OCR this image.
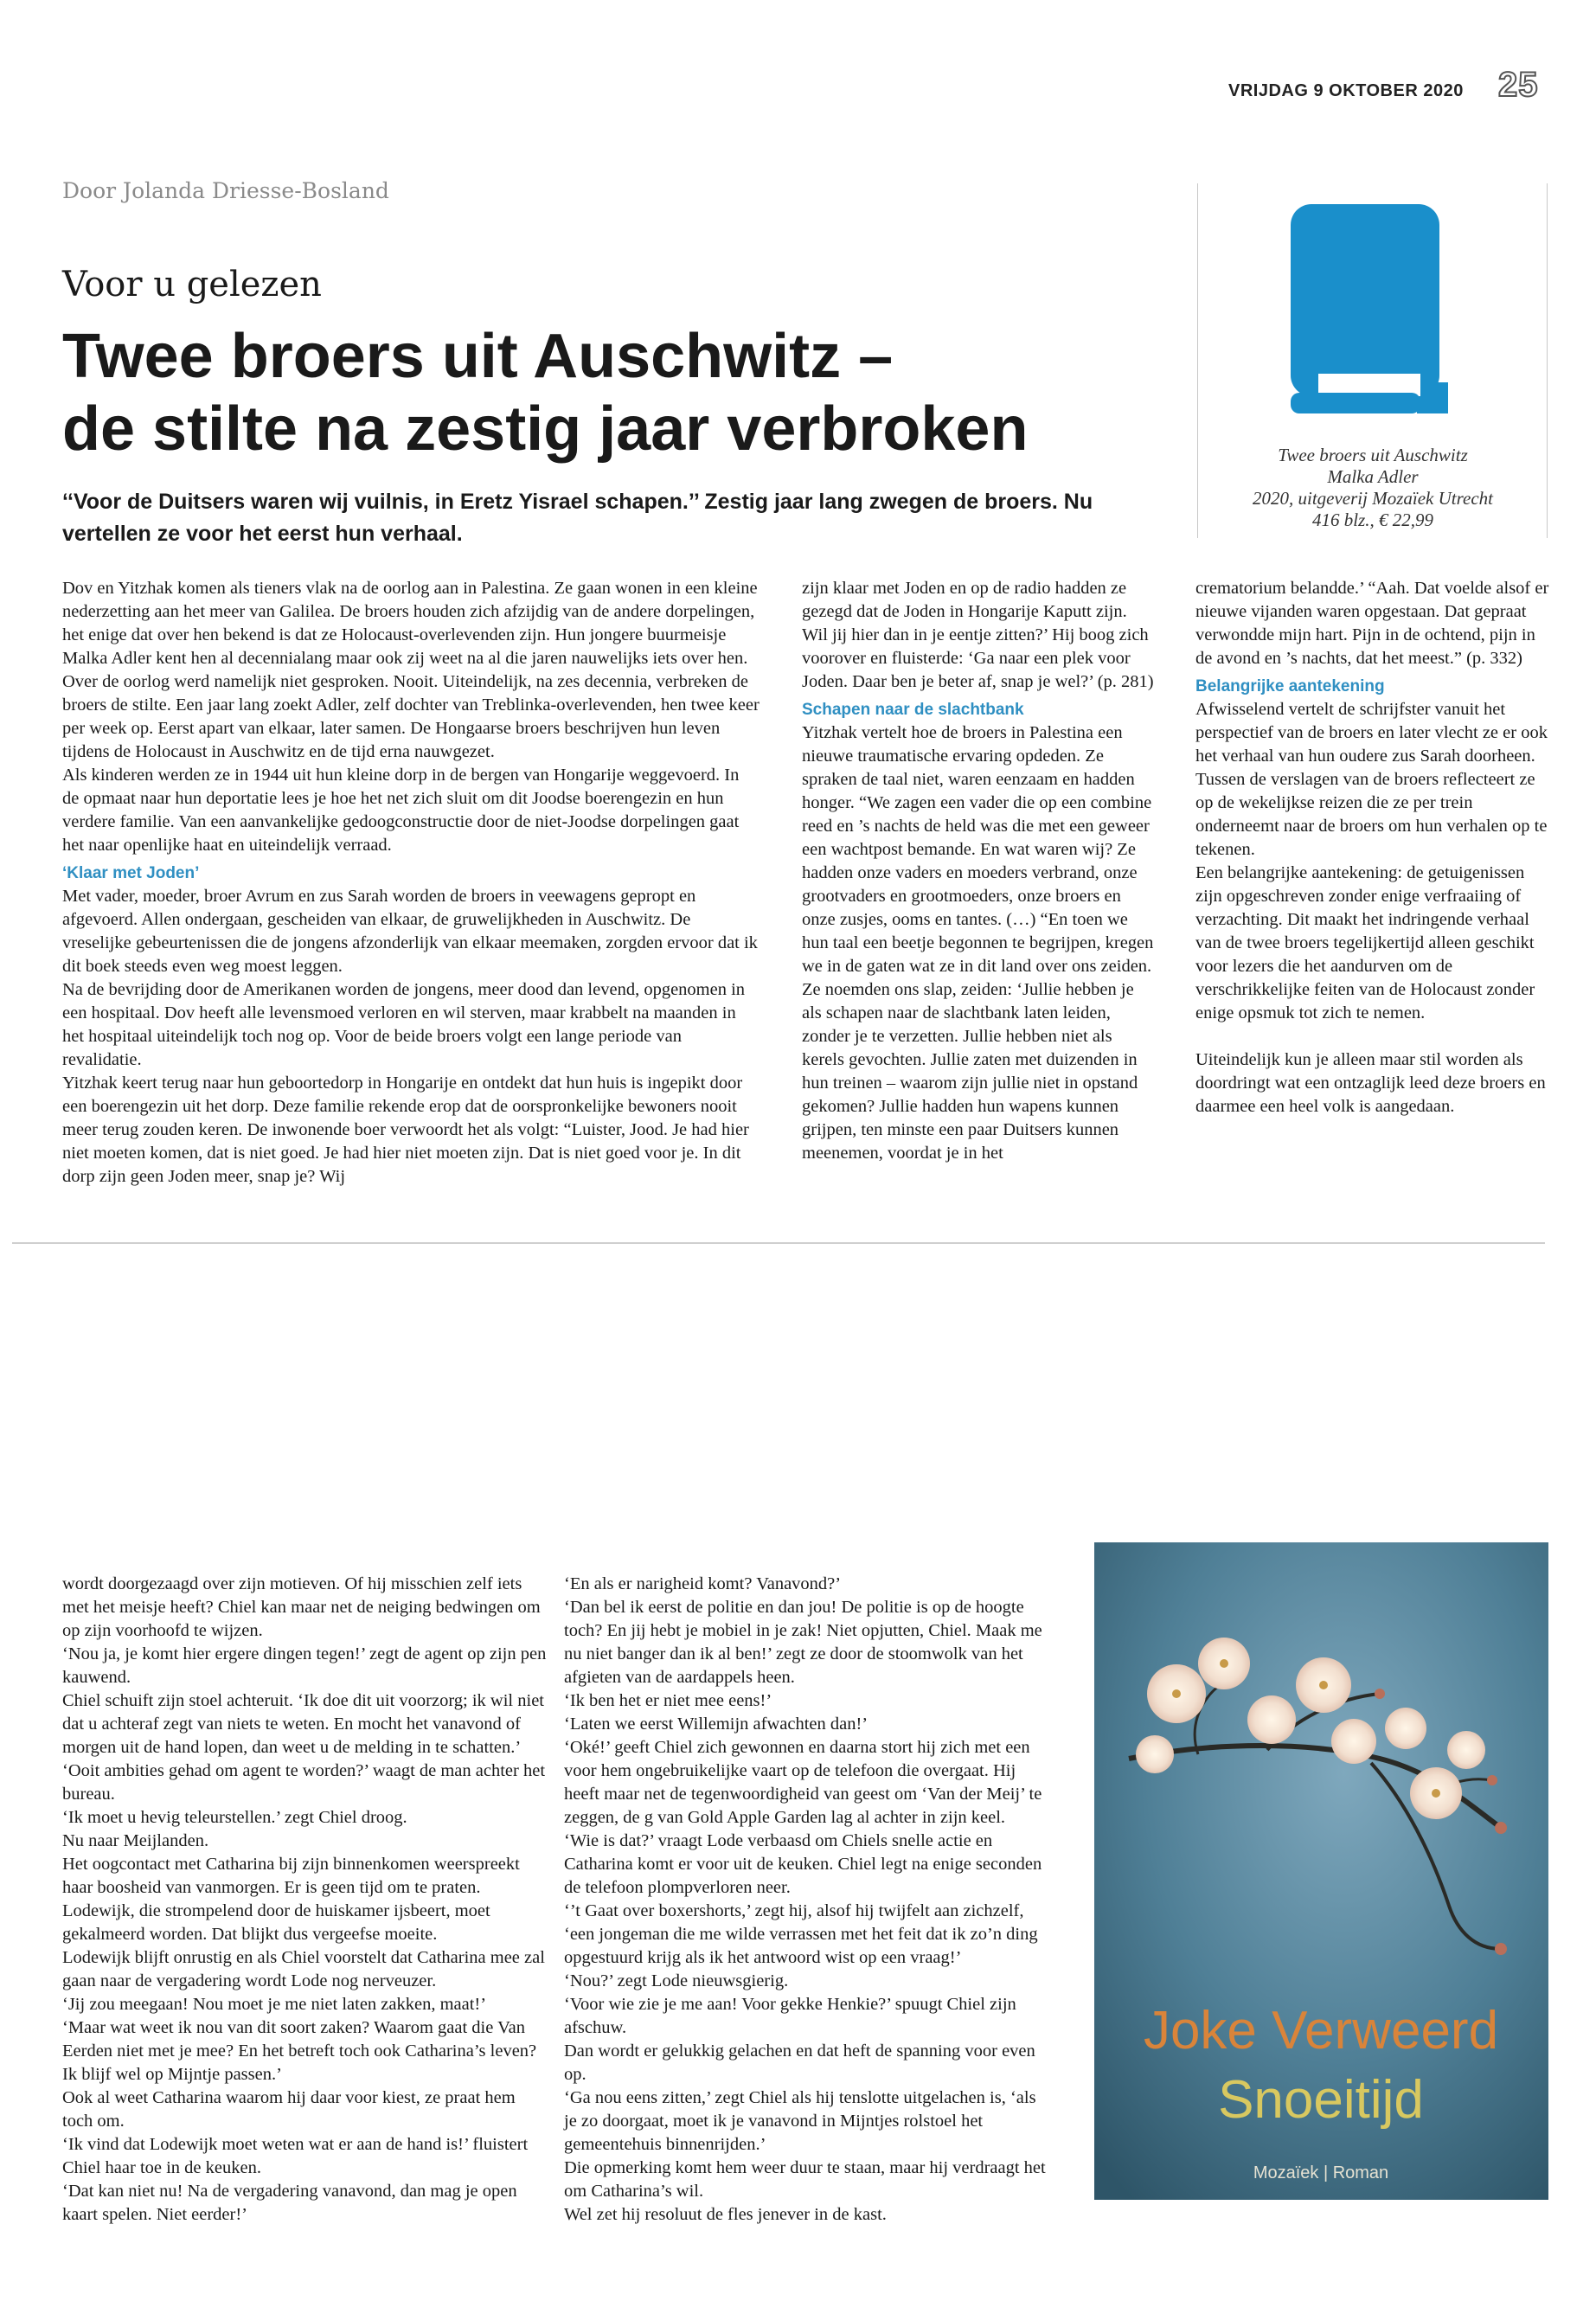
VRIJDAG 9 OKTOBER 2020 25
Door Jolanda Driesse-Bosland
Voor u gelezen
Twee broers uit Auschwitz –
de stilte na zestig jaar verbroken
‘‘Voor de Duitsers waren wij vuilnis, in Eretz Yisrael schapen.’’ Zestig jaar lang zwegen de broers. Nu vertellen ze voor het eerst hun verhaal.
Twee broers uit Auschwitz
Malka Adler
2020, uitgeverij Mozaïek Utrecht
416 blz., € 22,99

Dov en Yitzhak komen als tieners vlak na de oorlog aan in Palestina. Ze gaan wonen in een kleine nederzetting aan het meer van Galilea. De broers houden zich afzijdig van de andere dorpelingen, het enige dat over hen bekend is dat ze Holocaust-overlevenden zijn. Hun jongere buurmeisje Malka Adler kent hen al decennialang maar ook zij weet na al die jaren nauwelijks iets over hen. Over de oorlog werd namelijk niet gesproken. Nooit. Uiteindelijk, na zes decennia, verbreken de broers de stilte. Een jaar lang zoekt Adler, zelf dochter van Treblinka-overlevenden, hen twee keer per week op. Eerst apart van elkaar, later samen. De Hongaarse broers beschrijven hun leven tijdens de Holocaust in Auschwitz en de tijd erna nauwgezet.

Als kinderen werden ze in 1944 uit hun kleine dorp in de bergen van Hongarije weggevoerd. In de opmaat naar hun deportatie lees je hoe het net zich sluit om dit Joodse boerengezin en hun verdere familie. Van een aanvankelijke gedoogconstructie door de niet-Joodse dorpelingen gaat het naar openlijke haat en uiteindelijk verraad.

‘Klaar met Joden’

Met vader, moeder, broer Avrum en zus Sarah worden de broers in veewagens gepropt en afgevoerd. Allen ondergaan, gescheiden van elkaar, de gruwelijkheden in Auschwitz. De vreselijke gebeurtenissen die de jongens afzonderlijk van elkaar meemaken, zorgden ervoor dat ik dit boek steeds even weg moest leggen.

Na de bevrijding door de Amerikanen worden de jongens, meer dood dan levend, opgenomen in een hospitaal. Dov heeft alle levensmoed verloren en wil sterven, maar krabbelt na maanden in het hospitaal uiteindelijk toch nog op. Voor de beide broers volgt een lange periode van revalidatie.

Yitzhak keert terug naar hun geboortedorp in Hongarije en ontdekt dat hun huis is ingepikt door een boerengezin uit het dorp. Deze familie rekende erop dat de oorspronkelijke bewoners nooit meer terug zouden keren. De inwonende boer verwoordt het als volgt: “Luister, Jood. Je had hier niet moeten komen, dat is niet goed. Je had hier niet moeten zijn. Dat is niet goed voor je. In dit dorp zijn geen Joden meer, snap je? Wij

zijn klaar met Joden en op de radio hadden ze gezegd dat de Joden in Hongarije Kaputt zijn. Wil jij hier dan in je eentje zitten?’ Hij boog zich voorover en fluisterde: ‘Ga naar een plek voor Joden. Daar ben je beter af, snap je wel?’ (p. 281)

Schapen naar de slachtbank

Yitzhak vertelt hoe de broers in Palestina een nieuwe traumatische ervaring opdeden. Ze spraken de taal niet, waren eenzaam en hadden honger. “We zagen een vader die op een combine reed en ’s nachts de held was die met een geweer een wachtpost bemande. En wat waren wij? Ze hadden onze vaders en moeders verbrand, onze grootvaders en grootmoeders, onze broers en onze zusjes, ooms en tantes. (…) “En toen we hun taal een beetje begonnen te begrijpen, kregen we in de gaten wat ze in dit land over ons zeiden. Ze noemden ons slap, zeiden: ‘Jullie hebben je als schapen naar de slachtbank laten leiden, zonder je te verzetten. Jullie hebben niet als kerels gevochten. Jullie zaten met duizenden in hun treinen – waarom zijn jullie niet in opstand gekomen? Jullie hadden hun wapens kunnen grijpen, ten minste een paar Duitsers kunnen meenemen, voordat je in het

crematorium belandde.’ “Aah. Dat voelde alsof er nieuwe vijanden waren opgestaan. Dat gepraat verwondde mijn hart. Pijn in de ochtend, pijn in de avond en ’s nachts, dat het meest.” (p. 332)

Belangrijke aantekening

Afwisselend vertelt de schrijfster vanuit het perspectief van de broers en later vlecht ze er ook het verhaal van hun oudere zus Sarah doorheen. Tussen de verslagen van de broers reflecteert ze op de wekelijkse reizen die ze per trein onderneemt naar de broers om hun verhalen op te tekenen.

Een belangrijke aantekening: de getuigenissen zijn opgeschreven zonder enige verfraaiing of verzachting. Dit maakt het indringende verhaal van de twee broers tegelijkertijd alleen geschikt voor lezers die het aandurven om de verschrikkelijke feiten van de Holocaust zonder enige opsmuk tot zich te nemen.

Uiteindelijk kun je alleen maar stil worden als doordringt wat een ontzaglijk leed deze broers en daarmee een heel volk is aangedaan.

wordt doorgezaagd over zijn motieven. Of hij misschien zelf iets met het meisje heeft? Chiel kan maar net de neiging bedwingen om op zijn voorhoofd te wijzen.

‘Nou ja, je komt hier ergere dingen tegen!’ zegt de agent op zijn pen kauwend.

Chiel schuift zijn stoel achteruit. ‘Ik doe dit uit voorzorg; ik wil niet dat u achteraf zegt van niets te weten. En mocht het vanavond of morgen uit de hand lopen, dan weet u de melding in te schatten.’

‘Ooit ambities gehad om agent te worden?’ waagt de man achter het bureau.

‘Ik moet u hevig teleurstellen.’ zegt Chiel droog.

Nu naar Meijlanden.

Het oogcontact met Catharina bij zijn binnenkomen weerspreekt haar boosheid van vanmorgen. Er is geen tijd om te praten. Lodewijk, die strompelend door de huiskamer ijsbeert, moet gekalmeerd worden. Dat blijkt dus vergeefse moeite.

Lodewijk blijft onrustig en als Chiel voorstelt dat Catharina mee zal gaan naar de vergadering wordt Lode nog nerveuzer.

‘Jij zou meegaan! Nou moet je me niet laten zakken, maat!’

‘Maar wat weet ik nou van dit soort zaken? Waarom gaat die Van Eerden niet met je mee? En het betreft toch ook Catharina’s leven? Ik blijf wel op Mijntje passen.’

Ook al weet Catharina waarom hij daar voor kiest, ze praat hem toch om.

‘Ik vind dat Lodewijk moet weten wat er aan de hand is!’ fluistert Chiel haar toe in de keuken.

‘Dat kan niet nu! Na de vergadering vanavond, dan mag je open kaart spelen. Niet eerder!’

‘En als er narigheid komt? Vanavond?’

‘Dan bel ik eerst de politie en dan jou! De politie is op de hoogte toch? En jij hebt je mobiel in je zak! Niet opjutten, Chiel. Maak me nu niet banger dan ik al ben!’ zegt ze door de stoomwolk van het afgieten van de aardappels heen.

‘Ik ben het er niet mee eens!’

‘Laten we eerst Willemijn afwachten dan!’

‘Oké!’ geeft Chiel zich gewonnen en daarna stort hij zich met een voor hem ongebruikelijke vaart op de telefoon die overgaat. Hij heeft maar net de tegenwoordigheid van geest om ‘Van der Meij’ te zeggen, de g van Gold Apple Garden lag al achter in zijn keel.

‘Wie is dat?’ vraagt Lode verbaasd om Chiels snelle actie en Catharina komt er voor uit de keuken. Chiel legt na enige seconden de telefoon plompverloren neer.

‘’t Gaat over boxershorts,’ zegt hij, alsof hij twijfelt aan zichzelf, ‘een jongeman die me wilde verrassen met het feit dat ik zo’n ding opgestuurd krijg als ik het antwoord wist op een vraag!’

‘Nou?’ zegt Lode nieuwsgierig.

‘Voor wie zie je me aan! Voor gekke Henkie?’ spuugt Chiel zijn afschuw.

Dan wordt er gelukkig gelachen en dat heft de spanning voor even op.

‘Ga nou eens zitten,’ zegt Chiel als hij tenslotte uitgelachen is, ‘als je zo doorgaat, moet ik je vanavond in Mijntjes rolstoel het gemeentehuis binnenrijden.’

Die opmerking komt hem weer duur te staan, maar hij verdraagt het om Catharina’s wil.

Wel zet hij resoluut de fles jenever in de kast.

Joke Verweerd
Snoeitijd
Mozaïek | Roman
